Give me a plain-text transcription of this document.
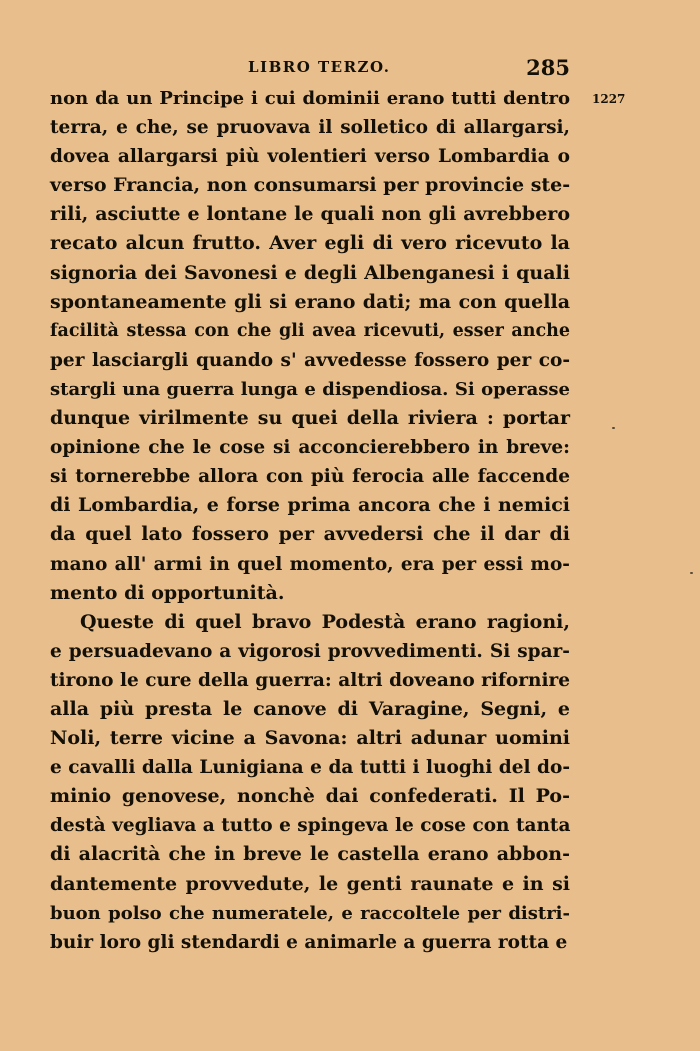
LIBRO TERZO.	285
1227
non da un Principe i cui dominii erano tutti dentro
terra, e che, se pruovava il solletico di allargarsi,
dovea allargarsi più volentieri verso Lombardia o
verso Francia, non consumarsi per provincie ste-
rili, asciutte e lontane le quali non gli avrebbero
recato alcun frutto. Aver egli di vero ricevuto la
signoria dei Savonesi e degli Albenganesi i quali
spontaneamente gli si erano dati; ma con quella
facilità stessa con che gli avea ricevuti, esser anche
per lasciargli quando s' avvedesse fossero per co-
stargli una guerra lunga e dispendiosa. Si operasse
dunque virilmente su quei della riviera : portar
opinione che le cose si acconcierebbero in breve:
si tornerebbe allora con più ferocia alle faccende
di Lombardia, e forse prima ancora che i nemici
da quel lato fossero per avvedersi che il dar di
mano all' armi in quel momento, era per essi mo-
mento di opportunità.
Queste di quel bravo Podestà erano ragioni,
e persuadevano a vigorosi provvedimenti. Si spar-
tirono le cure della guerra: altri doveano rifornire
alla più presta le canove di Varagine, Segni, e
Noli, terre vicine a Savona: altri adunar uomini
e cavalli dalla Lunigiana e da tutti i luoghi del do-
minio genovese, nonchè dai confederati. Il Po-
destà vegliava a tutto e spingeva le cose con tanta
di alacrità che in breve le castella erano abbon-
dantemente provvedute, le genti raunate e in si
buon polso che numeratele, e raccoltele per distri-
buir loro gli stendardi e animarle a guerra rotta e
